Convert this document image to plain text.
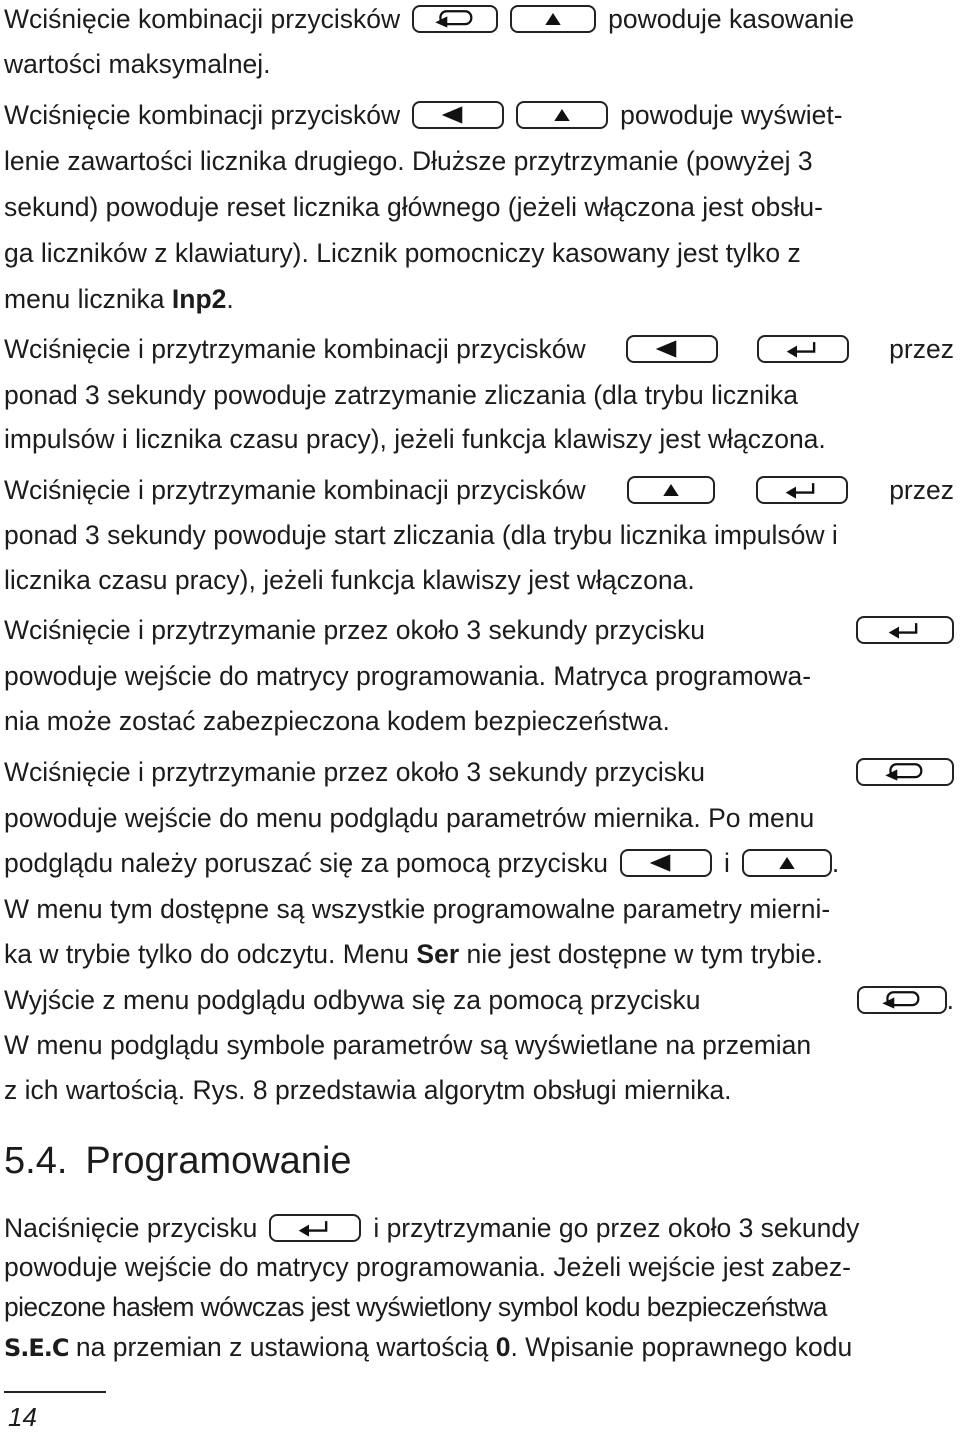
Wciśnięcie kombinacji przycisków	powoduje kasowanie
wartości maksymalnej.
Wciśnięcie kombinacji przycisków	powoduje wyświet-
lenie zawartości licznika drugiego. Dłuższe przytrzymanie (powyżej 3
sekund) powoduje reset licznika głównego (jeżeli włączona jest obsłu-
ga liczników z klawiatury). Licznik pomocniczy kasowany jest tylko z
menu licznika Inp2.
Wciśnięcie i przytrzymanie kombinacji przycisków	przez
ponad 3 sekundy powoduje zatrzymanie zliczania (dla trybu licznika
impulsów i licznika czasu pracy), jeżeli funkcja klawiszy jest włączona.
Wciśnięcie i przytrzymanie kombinacji przycisków	przez
ponad 3 sekundy powoduje start zliczania (dla trybu licznika impulsów i
licznika czasu pracy), jeżeli funkcja klawiszy jest włączona.
Wciśnięcie i przytrzymanie przez około 3 sekundy przycisku
powoduje wejście do matrycy programowania. Matryca programowa-
nia może zostać zabezpieczona kodem bezpieczeństwa.
Wciśnięcie i przytrzymanie przez około 3 sekundy przycisku
powoduje wejście do menu podglądu parametrów miernika. Po menu
podglądu należy poruszać się za pomocą przycisku	i	.
W menu tym dostępne są wszystkie programowalne parametry mierni-
ka w trybie tylko do odczytu. Menu Ser nie jest dostępne w tym trybie.
Wyjście z menu podglądu odbywa się za pomocą przycisku	.
W menu podglądu symbole parametrów są wyświetlane na przemian
z ich wartością. Rys. 8 przedstawia algorytm obsługi miernika.
5.4. Programowanie
Naciśnięcie przycisku	i przytrzymanie go przez około 3 sekundy
powoduje wejście do matrycy programowania. Jeżeli wejście jest zabez-
pieczone hasłem wówczas jest wyświetlony symbol kodu bezpieczeństwa
S.E.C na przemian z ustawioną wartością 0. Wpisanie poprawnego kodu
14
